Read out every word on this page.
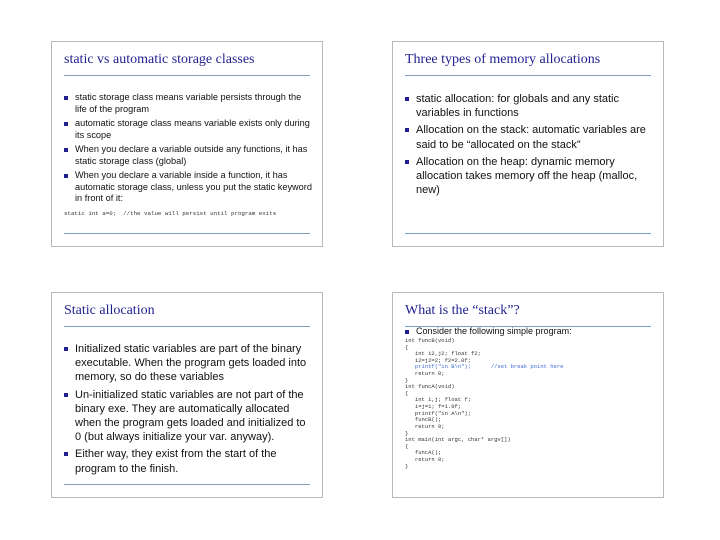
static vs automatic storage classes
static storage class means variable persists through the life of the program
automatic storage class means variable exists only during its scope
When you declare a variable outside any functions, it has static storage class (global)
When you declare a variable inside a function, it has automatic storage class, unless you put the static keyword in front of it:
static int a=0;  //the value will persist until program exits
Three types of memory allocations
static allocation: for globals and any static variables in functions
Allocation on the stack: automatic variables are said to be “allocated on the stack”
Allocation on the heap: dynamic memory allocation takes memory off the heap (malloc, new)
Static allocation
Initialized static variables are part of the binary executable. When the program gets loaded into memory, so do these variables
Un-initialized static variables are not part of the binary exe. They are automatically allocated when the program gets loaded and initialized to 0 (but always initialize your var. anyway).
Either way, they exist from the start of the program to the finish.
What is the “stack”?
Consider the following simple program:
int funcB(void)
{
int i2,j2; float f2;
i2=j2=2; f2=2.0f;
printf("in B\n");	//set break point here
return 0;
}
int funcA(void)
{
int i,j; float f;
i=j=1; f=1.0f;
printf("in A\n");
funcB();
return 0;
}
int main(int argc, char* argv[])
{
funcA();
return 0;
}
